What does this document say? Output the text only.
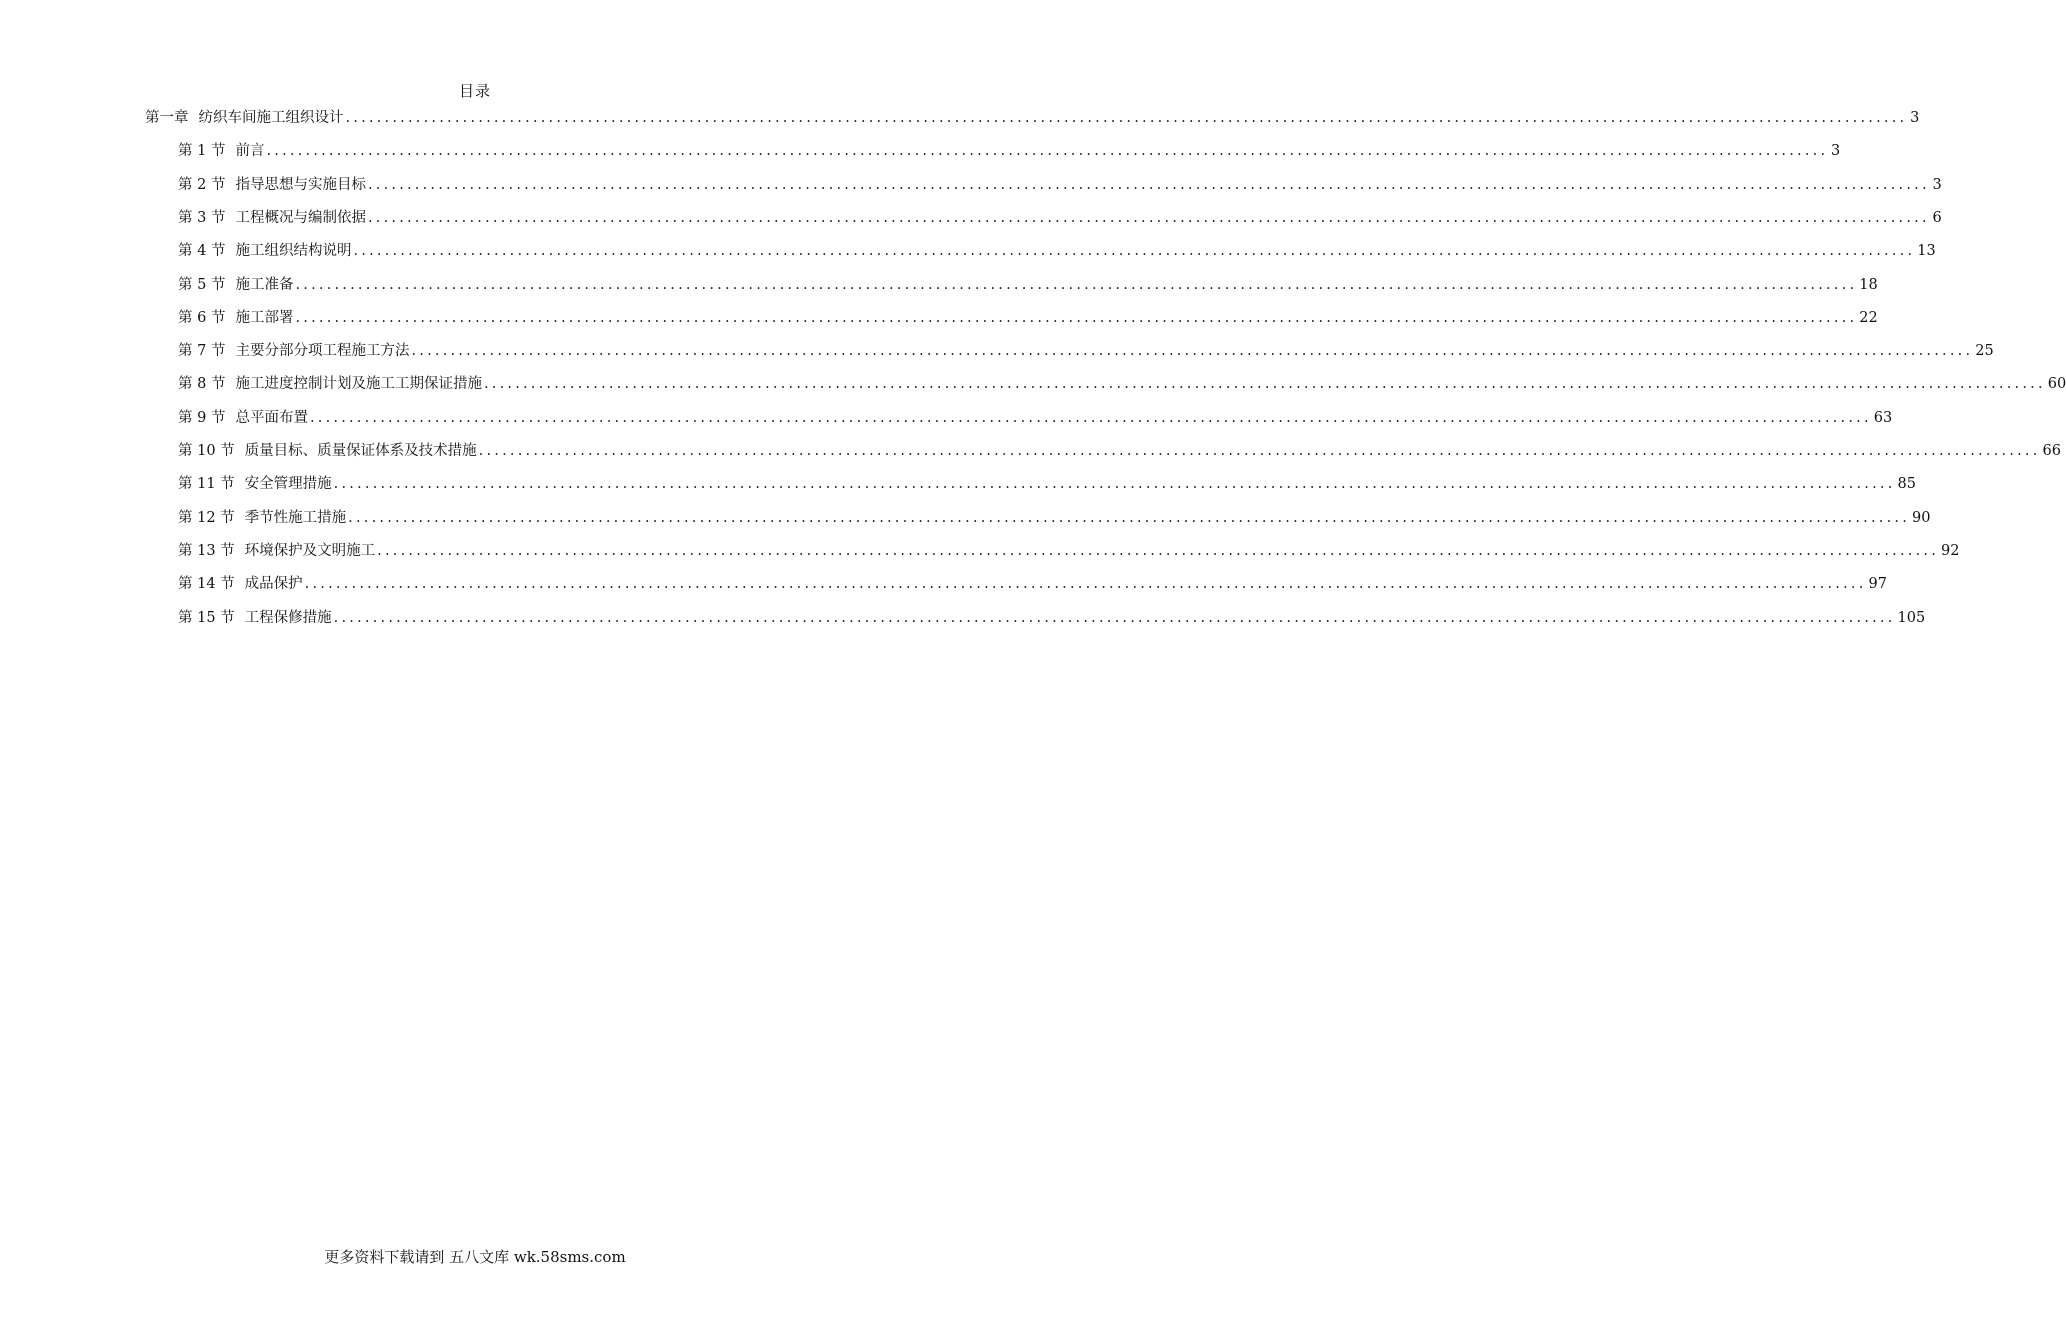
目录
第一章 纺织车间施工组织设计 ........................................................................................................................................................................................................ 3
第 1 节 前言 ........................................................................................................................................................................................................ 3
第 2 节 指导思想与实施目标 ........................................................................................................................................................................................................ 3
第 3 节 工程概况与编制依据 ........................................................................................................................................................................................................ 6
第 4 节 施工组织结构说明 ........................................................................................................................................................................................................ 13
第 5 节 施工准备 ........................................................................................................................................................................................................ 18
第 6 节 施工部署 ........................................................................................................................................................................................................ 22
第 7 节 主要分部分项工程施工方法 ........................................................................................................................................................................................................ 25
第 8 节 施工进度控制计划及施工工期保证措施 ........................................................................................................................................................................................................ 60
第 9 节 总平面布置 ........................................................................................................................................................................................................ 63
第 10 节 质量目标、质量保证体系及技术措施 ........................................................................................................................................................................................................ 66
第 11 节 安全管理措施 ........................................................................................................................................................................................................ 85
第 12 节 季节性施工措施 ........................................................................................................................................................................................................ 90
第 13 节 环境保护及文明施工 ........................................................................................................................................................................................................ 92
第 14 节 成品保护 ........................................................................................................................................................................................................ 97
第 15 节 工程保修措施 ........................................................................................................................................................................................................ 105
更多资料下载请到 五八文库 wk.58sms.com
